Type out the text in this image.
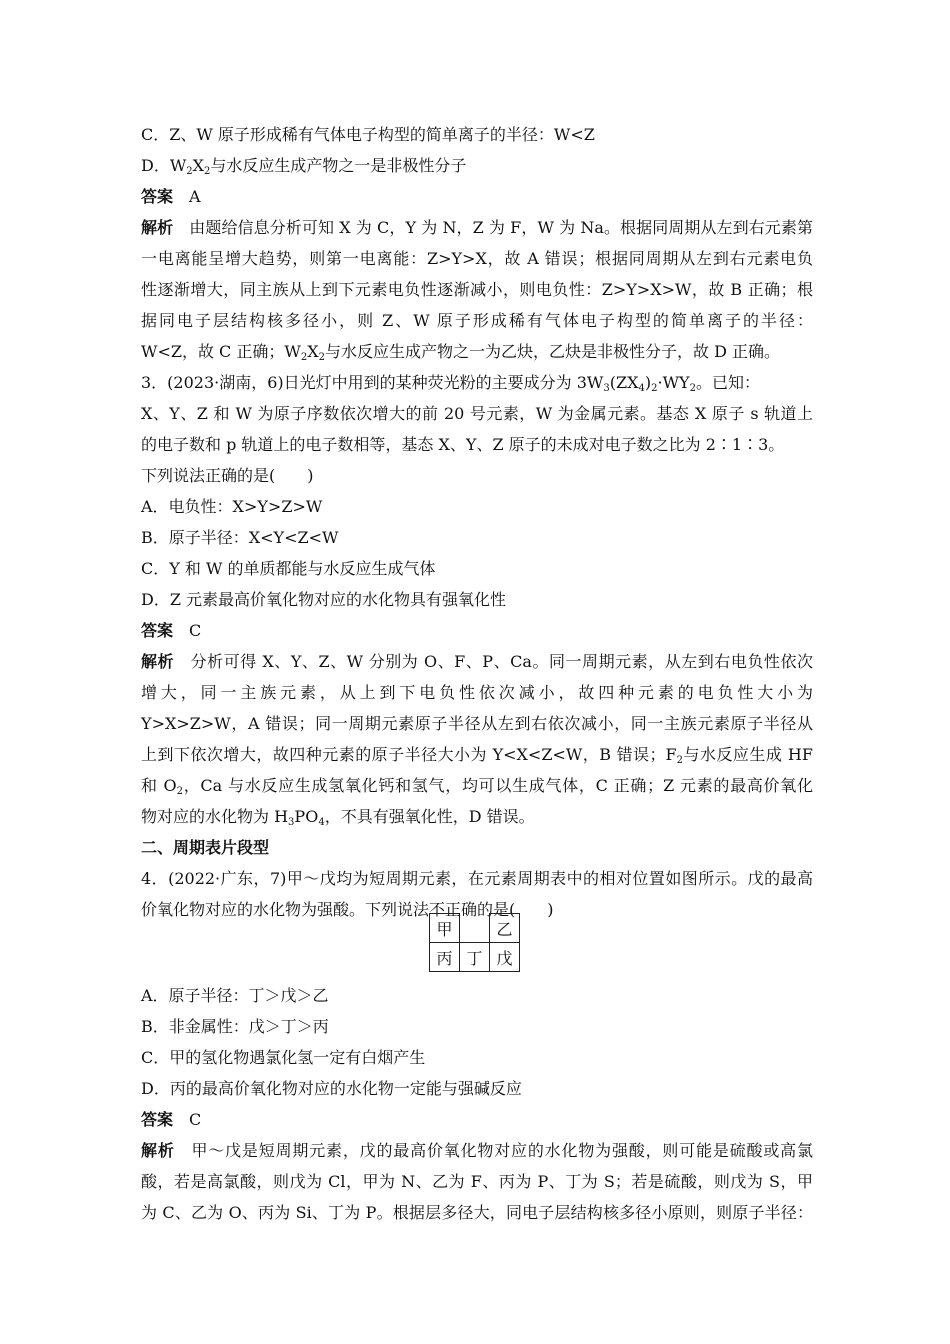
C．Z、W 原子形成稀有气体电子构型的简单离子的半径：W<Z
D．$W_2X_2$与水反应生成产物之一是非极性分子
答案　 A
解析　 由题给信息分析可知 X 为 C，Y 为 N，Z 为 F，W 为 Na。根据同周期从左到右元素第
一电离能呈增大趋势，则第一电离能：Z>Y>X，故 A 错误；根据同周期从左到右元素电负
性逐渐增大，同主族从上到下元素电负性逐渐减小，则电负性：Z>Y>X>W，故 B 正确；根
据同电子层结构核多径小，则 Z、W 原子形成稀有气体电子构型的简单离子的半径：
W<Z，故 C 正确；$W_2X_2$与水反应生成产物之一为乙炔，乙炔是非极性分子，故 D 正确。
3．(2023·湖南，6)日光灯中用到的某种荧光粉的主要成分为 $3W_3(ZX_4)_2\cdot WY_2$。已知：
X、Y、Z 和 W 为原子序数依次增大的前 20 号元素，W 为金属元素。基态 X 原子 s 轨道上
的电子数和 p 轨道上的电子数相等，基态 X、Y、Z 原子的未成对电子数之比为 2∶1∶3。
下列说法正确的是(　　)
A．电负性：X>Y>Z>W
B．原子半径：X<Y<Z<W
C．Y 和 W 的单质都能与水反应生成气体
D．Z 元素最高价氧化物对应的水化物具有强氧化性
答案　 C
解析　 分析可得 X、Y、Z、W 分别为 O、F、P、Ca。同一周期元素，从左到右电负性依次
增大，同一主族元素，从上到下电负性依次减小，故四种元素的电负性大小为
Y>X>Z>W，A 错误；同一周期元素原子半径从左到右依次减小，同一主族元素原子半径从
上到下依次增大，故四种元素的原子半径大小为 Y<X<Z<W，B 错误；$F_2$与水反应生成 HF
和 $O_2$，Ca 与水反应生成氢氧化钙和氢气，均可以生成气体，C 正确；Z 元素的最高价氧化
物对应的水化物为 $H_3PO_4$，不具有强氧化性，D 错误。
二、周期表片段型
4．(2022·广东，7)甲～戊均为短周期元素，在元素周期表中的相对位置如图所示。戊的最高
价氧化物对应的水化物为强酸。下列说法不正确的是(　　)
甲		乙
丙	丁	戊
A．原子半径：丁＞戊＞乙
B．非金属性：戊＞丁＞丙
C．甲的氢化物遇氯化氢一定有白烟产生
D．丙的最高价氧化物对应的水化物一定能与强碱反应
答案　 C
解析　 甲～戊是短周期元素，戊的最高价氧化物对应的水化物为强酸，则可能是硫酸或高氯
酸，若是高氯酸，则戊为 Cl，甲为 N、乙为 F、丙为 P、丁为 S；若是硫酸，则戊为 S，甲
为 C、乙为 O、丙为 Si、丁为 P。根据层多径大，同电子层结构核多径小原则，则原子半径：
